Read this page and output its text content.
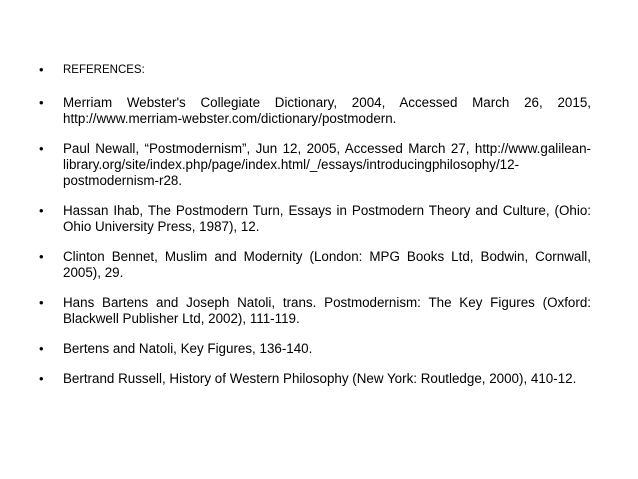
•	REFERENCES:
•	Merriam Webster's Collegiate Dictionary, 2004, Accessed March 26, 2015, http://www.merriam-webster.com/dictionary/postmodern.
•	Paul Newall, “Postmodernism”, Jun 12, 2005, Accessed March 27, http://www.galilean-library.org/site/index.php/page/index.html/_/essays/introducingphilosophy/12-postmodernism-r28.
•	Hassan Ihab, The Postmodern Turn, Essays in Postmodern Theory and Culture, (Ohio: Ohio University Press, 1987), 12.
•	Clinton Bennet, Muslim and Modernity (London: MPG Books Ltd, Bodwin, Cornwall, 2005), 29.
•	Hans Bartens and Joseph Natoli, trans. Postmodernism: The Key Figures (Oxford: Blackwell Publisher Ltd, 2002), 111-119.
•	Bertens and Natoli, Key Figures, 136-140.
•	Bertrand Russell, History of Western Philosophy (New York: Routledge, 2000), 410-12.
